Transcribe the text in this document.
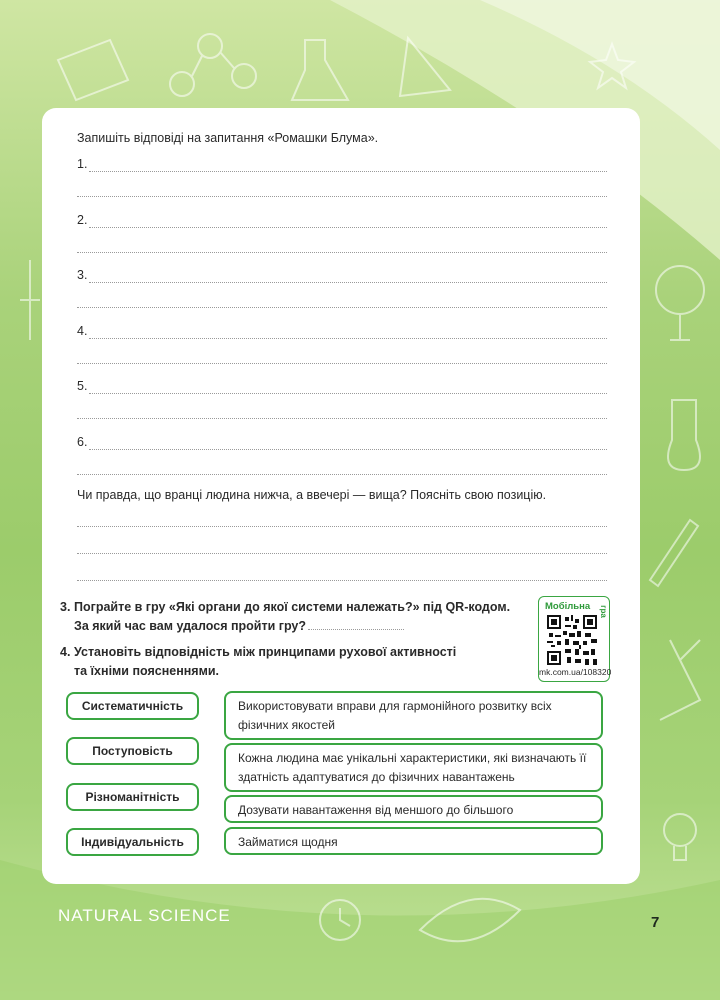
Запишіть відповіді на запитання «Ромашки Блума».
1.
2.
3.
4.
5.
6.
Чи правда, що вранці людина нижча, а ввечері — вища? Поясніть свою позицію.
3. Пограйте в гру «Які органи до якої системи належать?» під QR-кодом.
За який час вам удалося пройти гру?
4. Установіть відповідність між принципами рухової активності
та їхніми поясненнями.
Мобільна гра
mk.com.ua/108320
Систематичність
Поступовість
Різноманітність
Індивідуальність
Використовувати вправи для гармонійного розвитку всіх фізичних якостей
Кожна людина має унікальні характеристики, які визначають її здатність адаптуватися до фізичних навантажень
Дозувати навантаження від меншого до більшого
Займатися щодня
NATURAL SCIENCE	7
